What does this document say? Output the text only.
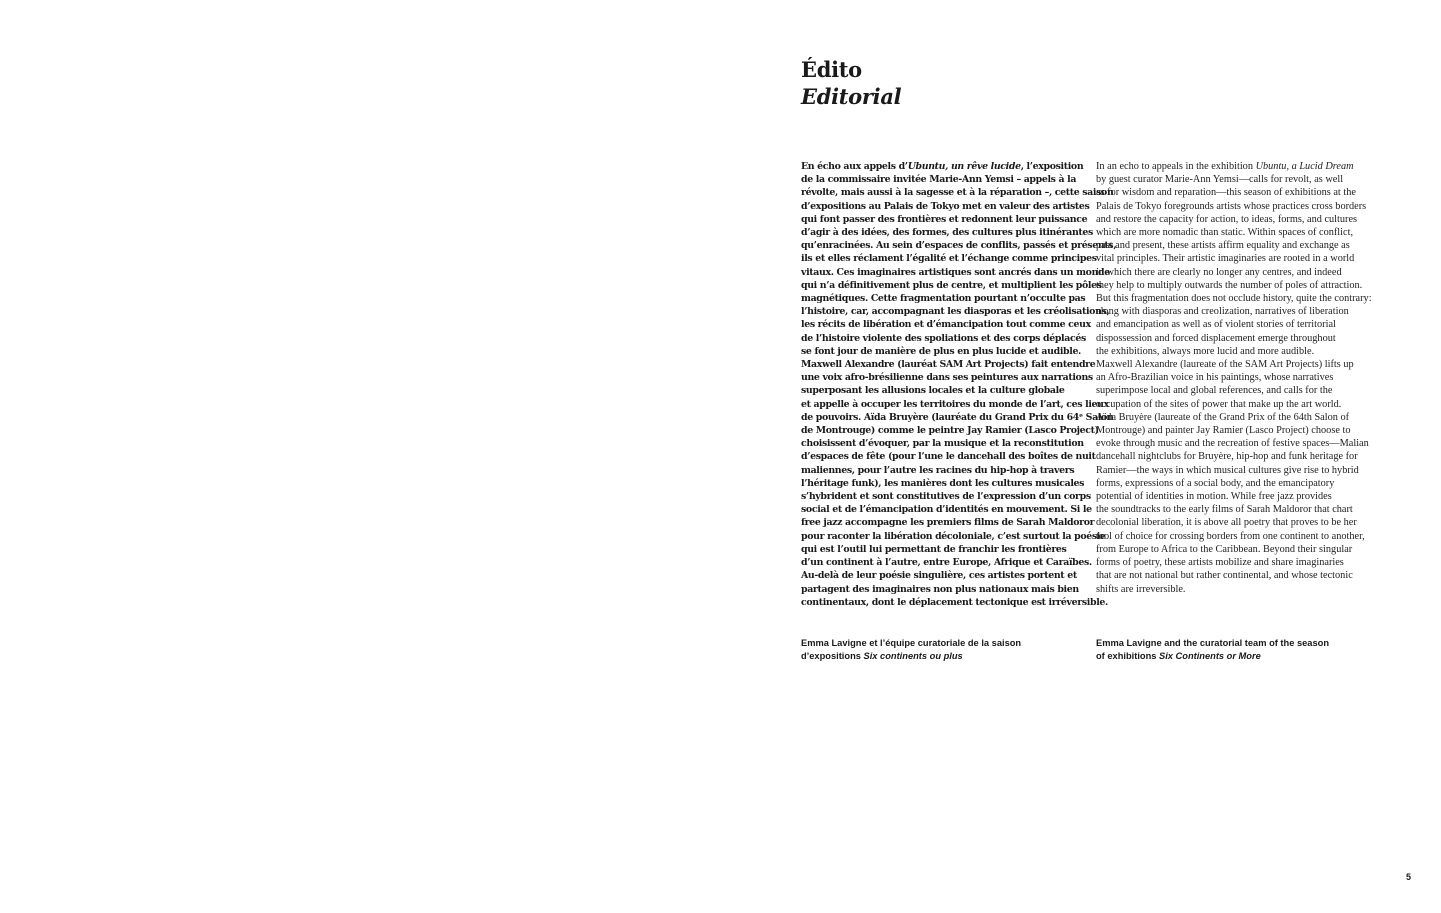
Édito
Editorial
En écho aux appels d’Ubuntu, un rêve lucide, l’exposition
de la commissaire invitée Marie-Ann Yemsi – appels à la
révolte, mais aussi à la sagesse et à la réparation –, cette saison
d’expositions au Palais de Tokyo met en valeur des artistes
qui font passer des frontières et redonnent leur puissance
d’agir à des idées, des formes, des cultures plus itinérantes
qu’enracinées. Au sein d’espaces de conflits, passés et présents,
ils et elles réclament l’égalité et l’échange comme principes
vitaux. Ces imaginaires artistiques sont ancrés dans un monde
qui n’a définitivement plus de centre, et multiplient les pôles
magnétiques. Cette fragmentation pourtant n’occulte pas
l’histoire, car, accompagnant les diasporas et les créolisations,
les récits de libération et d’émancipation tout comme ceux
de l’histoire violente des spoliations et des corps déplacés
se font jour de manière de plus en plus lucide et audible.
Maxwell Alexandre (lauréat SAM Art Projects) fait entendre
une voix afro-brésilienne dans ses peintures aux narrations
superposant les allusions locales et la culture globale
et appelle à occuper les territoires du monde de l’art, ces lieux
de pouvoirs. Aïda Bruyère (lauréate du Grand Prix du 64ᵉ Salon
de Montrouge) comme le peintre Jay Ramier (Lasco Project)
choisissent d’évoquer, par la musique et la reconstitution
d’espaces de fête (pour l’une le dancehall des boîtes de nuit
maliennes, pour l’autre les racines du hip-hop à travers
l’héritage funk), les manières dont les cultures musicales
s’hybrident et sont constitutives de l’expression d’un corps
social et de l’émancipation d’identités en mouvement. Si le
free jazz accompagne les premiers films de Sarah Maldoror
pour raconter la libération décoloniale, c’est surtout la poésie
qui est l’outil lui permettant de franchir les frontières
d’un continent à l’autre, entre Europe, Afrique et Caraïbes.
Au-delà de leur poésie singulière, ces artistes portent et
partagent des imaginaires non plus nationaux mais bien
continentaux, dont le déplacement tectonique est irréversible.
In an echo to appeals in the exhibition Ubuntu, a Lucid Dream
by guest curator Marie-Ann Yemsi—calls for revolt, as well
as for wisdom and reparation—this season of exhibitions at the
Palais de Tokyo foregrounds artists whose practices cross borders
and restore the capacity for action, to ideas, forms, and cultures
which are more nomadic than static. Within spaces of conflict,
past and present, these artists affirm equality and exchange as
vital principles. Their artistic imaginaries are rooted in a world
in which there are clearly no longer any centres, and indeed
they help to multiply outwards the number of poles of attraction.
But this fragmentation does not occlude history, quite the contrary:
along with diasporas and creolization, narratives of liberation
and emancipation as well as of violent stories of territorial
dispossession and forced displacement emerge throughout
the exhibitions, always more lucid and more audible.
Maxwell Alexandre (laureate of the SAM Art Projects) lifts up
an Afro-Brazilian voice in his paintings, whose narratives
superimpose local and global references, and calls for the
occupation of the sites of power that make up the art world.
Aïda Bruyère (laureate of the Grand Prix of the 64th Salon of
Montrouge) and painter Jay Ramier (Lasco Project) choose to
evoke through music and the recreation of festive spaces—Malian
dancehall nightclubs for Bruyère, hip-hop and funk heritage for
Ramier—the ways in which musical cultures give rise to hybrid
forms, expressions of a social body, and the emancipatory
potential of identities in motion. While free jazz provides
the soundtracks to the early films of Sarah Maldoror that chart
decolonial liberation, it is above all poetry that proves to be her
tool of choice for crossing borders from one continent to another,
from Europe to Africa to the Caribbean. Beyond their singular
forms of poetry, these artists mobilize and share imaginaries
that are not national but rather continental, and whose tectonic
shifts are irreversible.
Emma Lavigne et l’équipe curatoriale de la saison
d’expositions Six continents ou plus
Emma Lavigne and the curatorial team of the season
of exhibitions Six Continents or More
5
